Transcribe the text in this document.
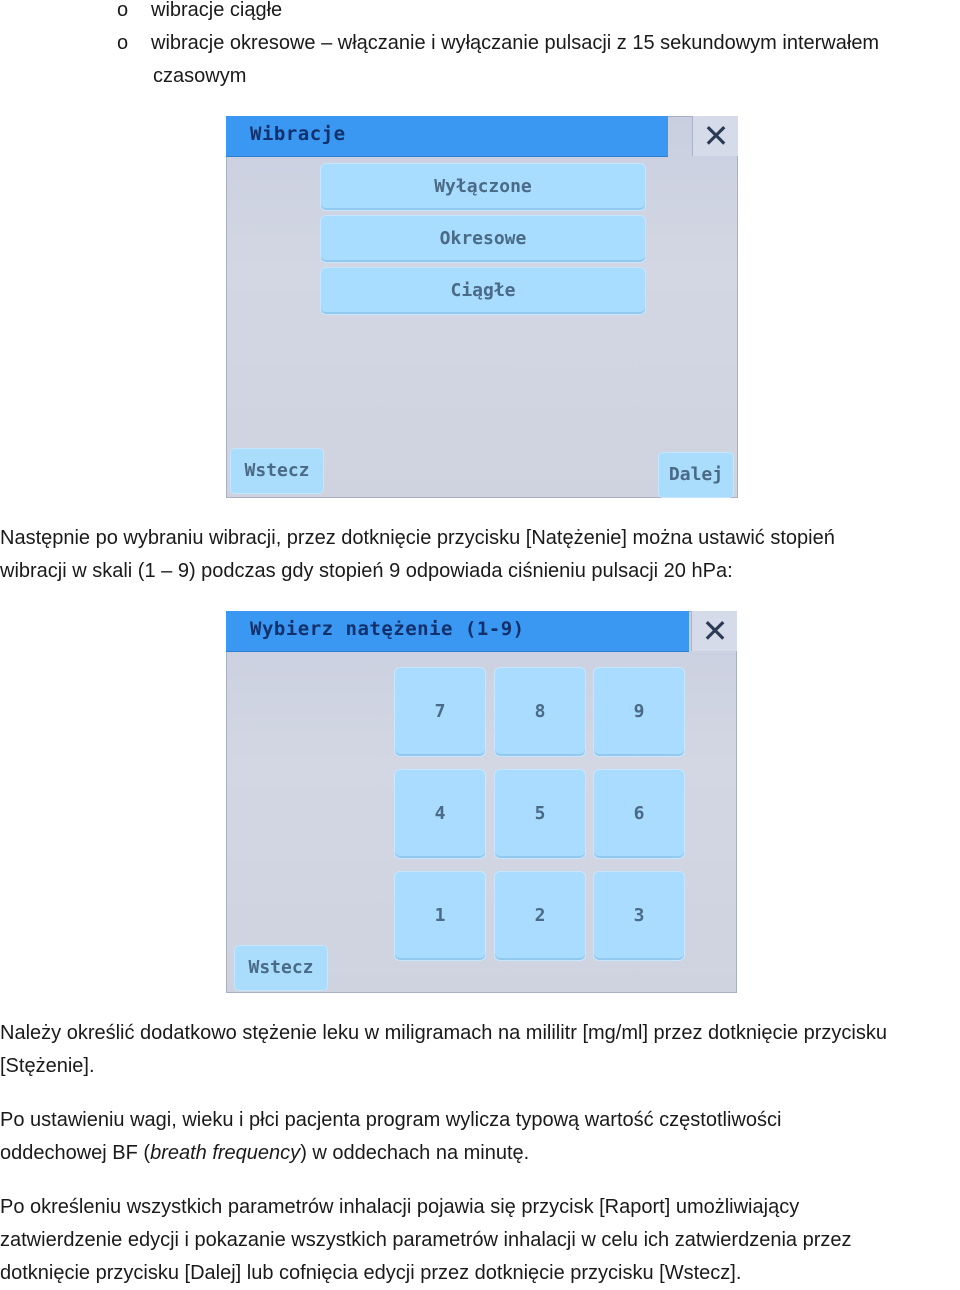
o wibracje ciągłe
o wibracje okresowe – włączanie i wyłączanie pulsacji z 15 sekundowym interwałem
czasowym
Wibracje	✕
Wyłączone
Okresowe
Ciągłe
Wstecz	Dalej

Następnie po wybraniu wibracji, przez dotknięcie przycisku [Natężenie] można ustawić stopień
wibracji w skali (1 – 9) podczas gdy stopień 9 odpowiada ciśnieniu pulsacji 20 hPa:

Wybierz natężenie (1-9)	✕
7	8	9
4	5	6
1	2	3
Wstecz

Należy określić dodatkowo stężenie leku w miligramach na mililitr [mg/ml] przez dotknięcie przycisku
[Stężenie].

Po ustawieniu wagi, wieku i płci pacjenta program wylicza typową wartość częstotliwości
oddechowej BF (breath frequency) w oddechach na minutę.

Po określeniu wszystkich parametrów inhalacji pojawia się przycisk [Raport] umożliwiający
zatwierdzenie edycji i pokazanie wszystkich parametrów inhalacji w celu ich zatwierdzenia przez
dotknięcie przycisku [Dalej] lub cofnięcia edycji przez dotknięcie przycisku [Wstecz].
